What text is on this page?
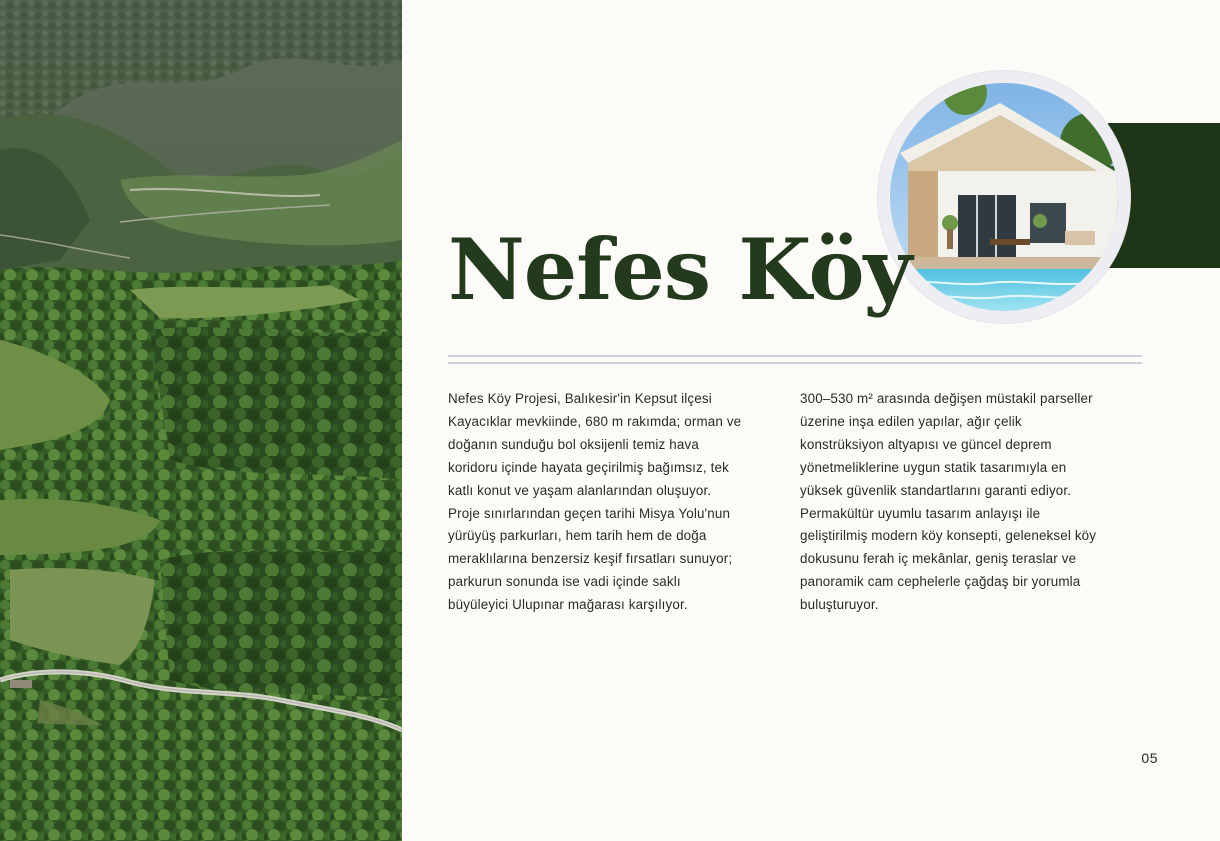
Nefes Köy

Nefes Köy Projesi, Balıkesir'in Kepsut ilçesi
Kayacıklar mevkiinde, 680 m rakımda; orman ve
doğanın sunduğu bol oksijenli temiz hava
koridoru içinde hayata geçirilmiş bağımsız, tek
katlı konut ve yaşam alanlarından oluşuyor.
Proje sınırlarından geçen tarihi Misya Yolu'nun
yürüyüş parkurları, hem tarih hem de doğa
meraklılarına benzersiz keşif fırsatları sunuyor;
parkurun sonunda ise vadi içinde saklı
büyüleyici Ulupınar mağarası karşılıyor.

300–530 m² arasında değişen müstakil parseller
üzerine inşa edilen yapılar, ağır çelik
konstrüksiyon altyapısı ve güncel deprem
yönetmeliklerine uygun statik tasarımıyla en
yüksek güvenlik standartlarını garanti ediyor.
Permakültür uyumlu tasarım anlayışı ile
geliştirilmiş modern köy konsepti, geleneksel köy
dokusunu ferah iç mekânlar, geniş teraslar ve
panoramik cam cephelerle çağdaş bir yorumla
buluşturuyor.

05
